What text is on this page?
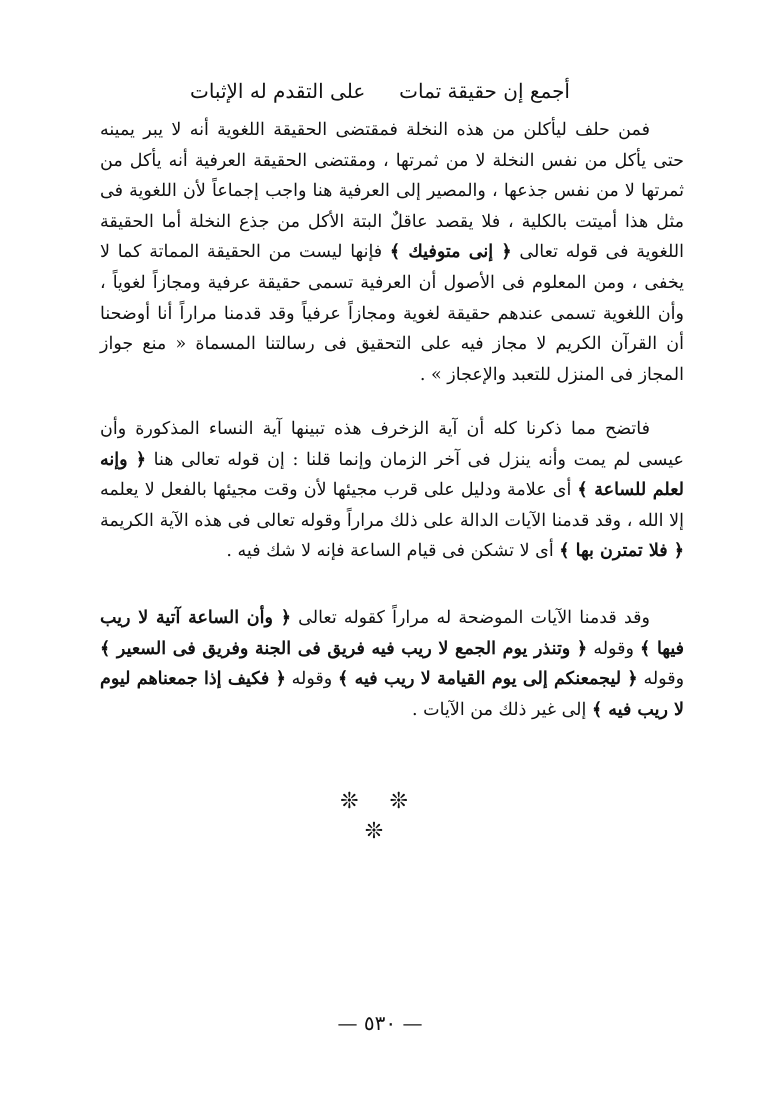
أجمع إن حقيقة تمات
على التقدم له الإثبات

فمن حلف ليأكلن من هذه النخلة فمقتضى الحقيقة اللغوية أنه لا يبر يمينه حتى يأكل من نفس النخلة لا من ثمرتها ، ومقتضى الحقيقة العرفية أنه يأكل من ثمرتها لا من نفس جذعها ، والمصير إلى العرفية هنا واجب إجماعاً لأن اللغوية فى مثل هذا أميتت بالكلية ، فلا يقصد عاقلٌ البتة الأكل من جذع النخلة أما الحقيقة اللغوية فى قوله تعالى ﴿ إنى متوفيك ﴾ فإنها ليست من الحقيقة المماتة كما لا يخفى ، ومن المعلوم فى الأصول أن العرفية تسمى حقيقة عرفية ومجازاً لغوياً ، وأن اللغوية تسمى عندهم حقيقة لغوية ومجازاً عرفياً وقد قدمنا مراراً أنا أوضحنا أن القرآن الكريم لا مجاز فيه على التحقيق فى رسالتنا المسماة « منع جواز المجاز فى المنزل للتعبد والإعجاز » .

فاتضح مما ذكرنا كله أن آية الزخرف هذه تبينها آية النساء المذكورة وأن عيسى لم يمت وأنه ينزل فى آخر الزمان وإنما قلنا : إن قوله تعالى هنا ﴿ وإنه لعلم للساعة ﴾ أى علامة ودليل على قرب مجيئها لأن وقت مجيئها بالفعل لا يعلمه إلا الله ، وقد قدمنا الآيات الدالة على ذلك مراراً وقوله تعالى فى هذه الآية الكريمة ﴿ فلا تمترن بها ﴾ أى لا تشكن فى قيام الساعة فإنه لا شك فيه .

وقد قدمنا الآيات الموضحة له مراراً كقوله تعالى ﴿ وأن الساعة آتية لا ريب فيها ﴾ وقوله ﴿ وتنذر يوم الجمع لا ريب فيه فريق فى الجنة وفريق فى السعير ﴾ وقوله ﴿ ليجمعنكم إلى يوم القيامة لا ريب فيه ﴾ وقوله ﴿ فكيف إذا جمعناهم ليوم لا ريب فيه ﴾ إلى غير ذلك من الآيات .

❊ ❊ ❊
— ٥٣٠ —
